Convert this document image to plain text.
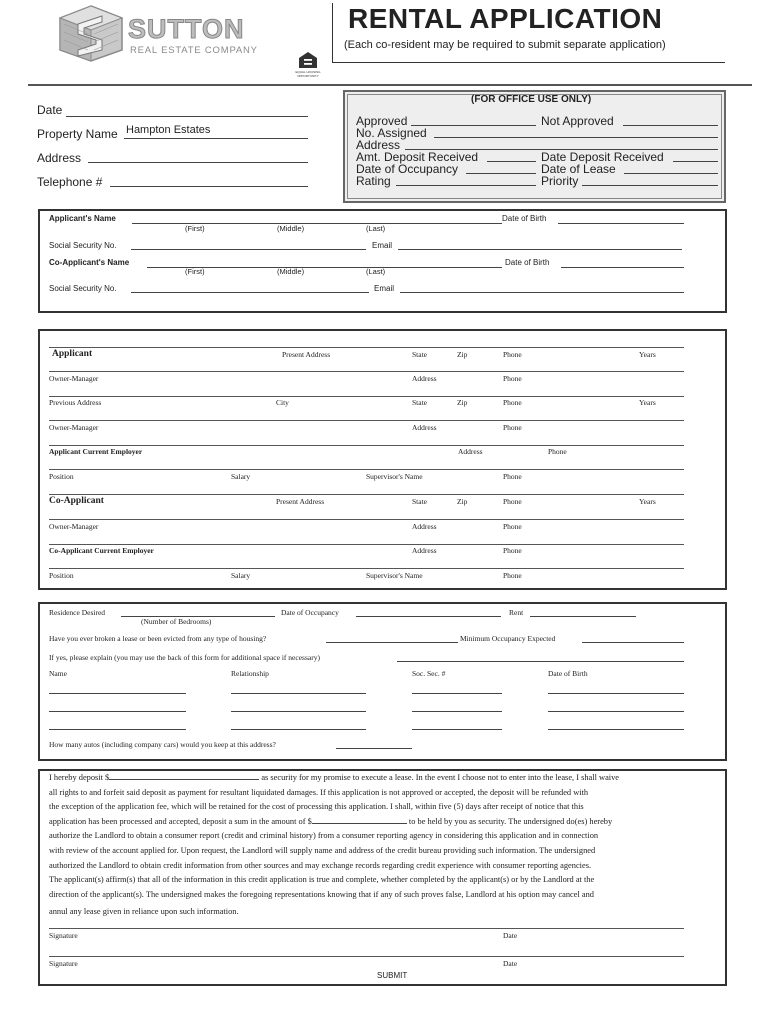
SUTTON
REAL ESTATE COMPANY
EQUAL HOUSING OPPORTUNITY
RENTAL APPLICATION
(Each co-resident may be required to submit separate application)
Date
Property Name Hampton Estates
Address
Telephone #
(FOR OFFICE USE ONLY)
Approved	Not Approved
No. Assigned
Address
Amt. Deposit Received	Date Deposit Received
Date of Occupancy	Date of Lease
Rating	Priority
Applicant's Name	Date of Birth
(First)	(Middle)	(Last)
Social Security No.	Email
Co-Applicant's Name	Date of Birth
(First)	(Middle)	(Last)
Social Security No.	Email
Applicant	Present Address	State	Zip	Phone	Years
Owner-Manager	Address	Phone
Previous Address	City	State	Zip	Phone	Years
Owner-Manager	Address	Phone
Applicant Current Employer	Address	Phone
Position	Salary	Supervisor's Name	Phone
Co-Applicant	Present Address	State	Zip	Phone	Years
Owner-Manager	Address	Phone
Co-Applicant Current Employer	Address	Phone
Position	Salary	Supervisor's Name	Phone
Residence Desired
(Number of Bedrooms)
Date of Occupancy	Rent
Have you ever broken a lease or been evicted from any type of housing?	Minimum Occupancy Expected
If yes, please explain (you may use the back of this form for additional space if necessary)
Name	Relationship	Soc. Sec. #	Date of Birth
How many autos (including company cars) would you keep at this address?
I hereby deposit $	as security for my promise to execute a lease. In the event I choose not to enter into the lease, I shall waive
all rights to and forfeit said deposit as payment for resultant liquidated damages. If this application is not approved or accepted, the deposit will be refunded with
the exception of the application fee, which will be retained for the cost of processing this application. I shall, within five (5) days after receipt of notice that this
application has been processed and accepted, deposit a sum in the amount of $	to be held by you as security. The undersigned do(es) hereby
authorize the Landlord to obtain a consumer report (credit and criminal history) from a consumer reporting agency in considering this application and in connection
with review of the account applied for. Upon request, the Landlord will supply name and address of the credit bureau providing such information. The undersigned
authorized the Landlord to obtain credit information from other sources and may exchange records regarding credit experience with consumer reporting agencies.
The applicant(s) affirm(s) that all of the information in this credit application is true and complete, whether completed by the applicant(s) or by the Landlord at the
direction of the applicant(s). The undersigned makes the foregoing representations knowing that if any of such proves false, Landlord at his option may cancel and
annul any lease given in reliance upon such information.
Signature	Date
Signature	Date
SUBMIT
